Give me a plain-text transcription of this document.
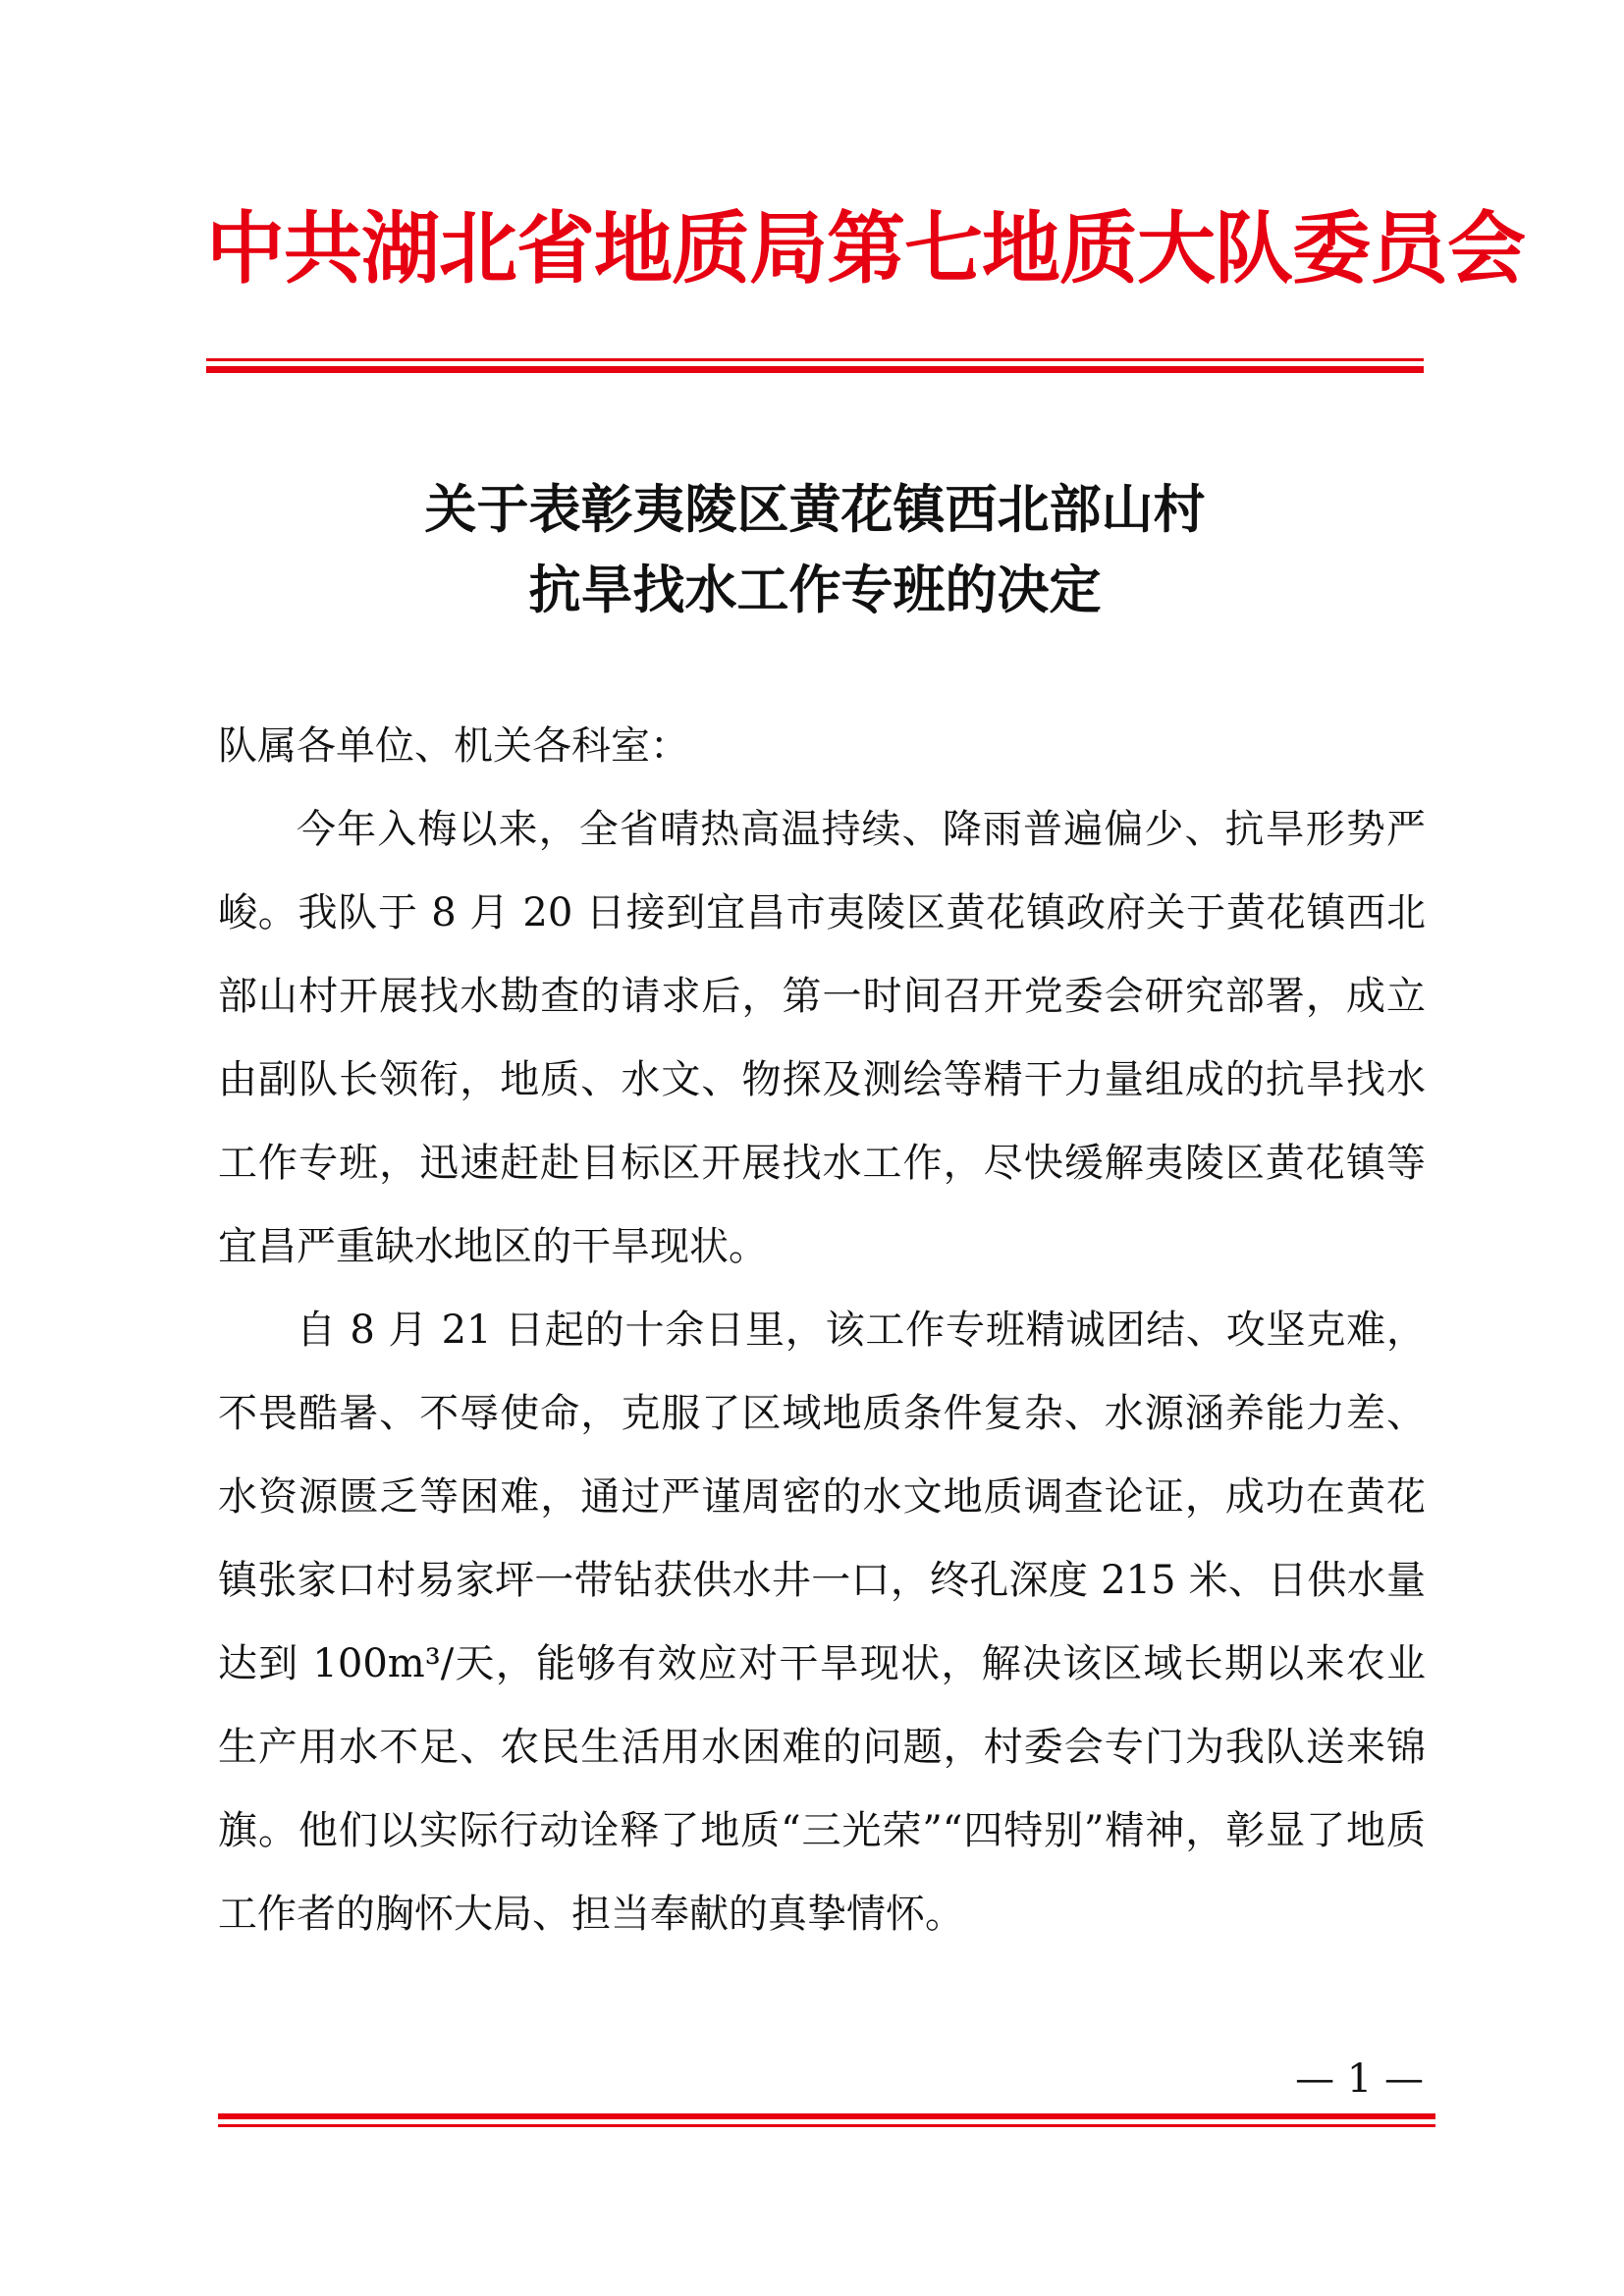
中共湖北省地质局第七地质大队委员会
关于表彰夷陵区黄花镇西北部山村
抗旱找水工作专班的决定

队属各单位、机关各科室：

今年入梅以来，全省晴热高温持续、降雨普遍偏少、抗旱形势严峻。我队于 8 月 20 日接到宜昌市夷陵区黄花镇政府关于黄花镇西北部山村开展找水勘查的请求后，第一时间召开党委会研究部署，成立由副队长领衔，地质、水文、物探及测绘等精干力量组成的抗旱找水工作专班，迅速赶赴目标区开展找水工作，尽快缓解夷陵区黄花镇等宜昌严重缺水地区的干旱现状。

自 8 月 21 日起的十余日里，该工作专班精诚团结、攻坚克难，不畏酷暑、不辱使命，克服了区域地质条件复杂、水源涵养能力差、水资源匮乏等困难，通过严谨周密的水文地质调查论证，成功在黄花镇张家口村易家坪一带钻获供水井一口，终孔深度 215 米、日供水量达到 100m³/天，能够有效应对干旱现状，解决该区域长期以来农业生产用水不足、农民生活用水困难的问题，村委会专门为我队送来锦旗。他们以实际行动诠释了地质“三光荣”“四特别”精神，彰显了地质工作者的胸怀大局、担当奉献的真挚情怀。

— 1 —
